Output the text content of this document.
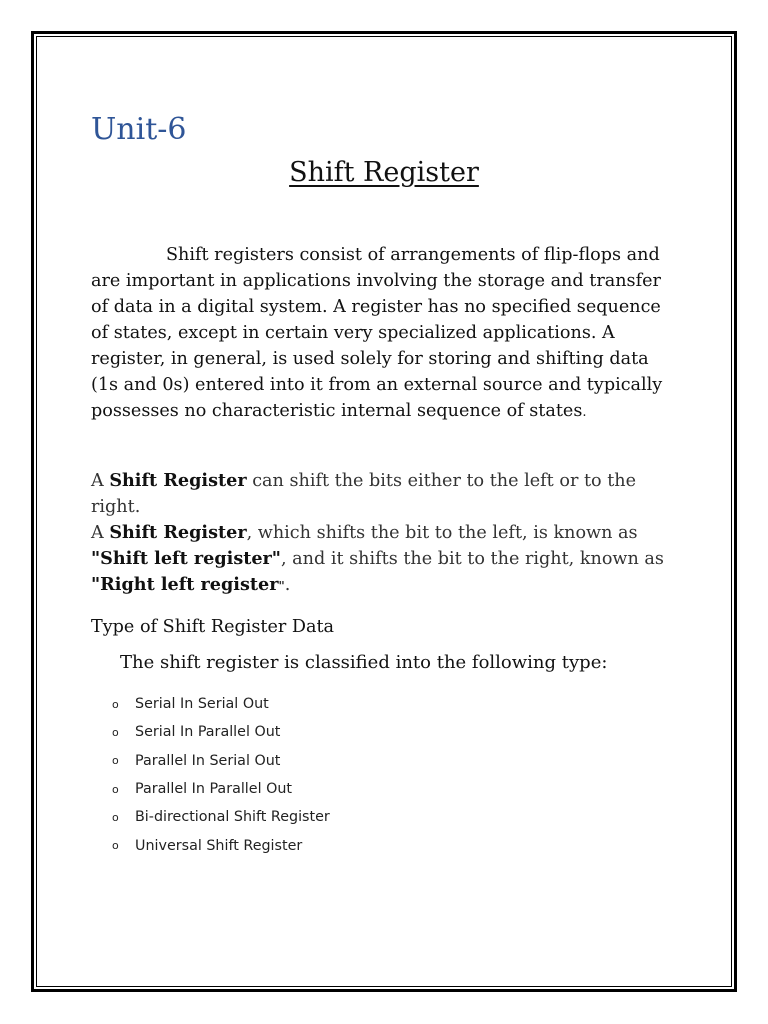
Unit-6
Shift Register

Shift registers consist of arrangements of flip-flops and are important in applications involving the storage and transfer of data in a digital system. A register has no specified sequence of states, except in certain very specialized applications. A register, in general, is used solely for storing and shifting data (1s and 0s) entered into it from an external source and typically possesses no characteristic internal sequence of states.

A Shift Register can shift the bits either to the left or to the right.
A Shift Register, which shifts the bit to the left, is known as "Shift left register", and it shifts the bit to the right, known as "Right left register".

Type of Shift Register Data

The shift register is classified into the following type:

o	Serial In Serial Out
o	Serial In Parallel Out
o	Parallel In Serial Out
o	Parallel In Parallel Out
o	Bi-directional Shift Register
o	Universal Shift Register
